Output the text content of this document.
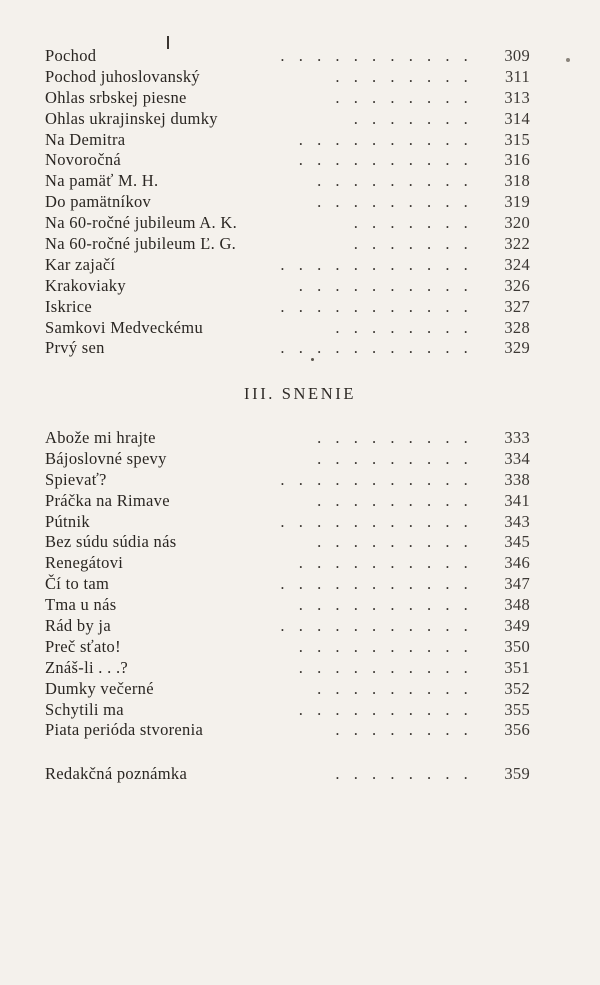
Pochod	...........	309
Pochod juhoslovanský	........	311
Ohlas srbskej piesne	........	313
Ohlas ukrajinskej dumky	.......	314
Na Demitra	..........	315
Novoročná	..........	316
Na pamäť M. H.	.........	318
Do pamätníkov	.........	319
Na 60-ročné jubileum A. K.	.......	320
Na 60-ročné jubileum Ľ. G.	.......	322
Kar zajačí	...........	324
Krakoviaky	..........	326
Iskrice	...........	327
Samkovi Medveckému	........	328
Prvý sen	...........	329
III. SNENIE
Abože mi hrajte	.........	333
Bájoslovné spevy	.........	334
Spievať?	...........	338
Práčka na Rimave	.........	341
Pútnik	...........	343
Bez súdu súdia nás	.........	345
Renegátovi	..........	346
Čí to tam	...........	347
Tma u nás	..........	348
Rád by ja	...........	349
Preč sťato!	..........	350
Znáš-li . . .?	..........	351
Dumky večerné	.........	352
Schytili ma	..........	355
Piata perióda stvorenia	........	356
Redakčná poznámka	........	359
